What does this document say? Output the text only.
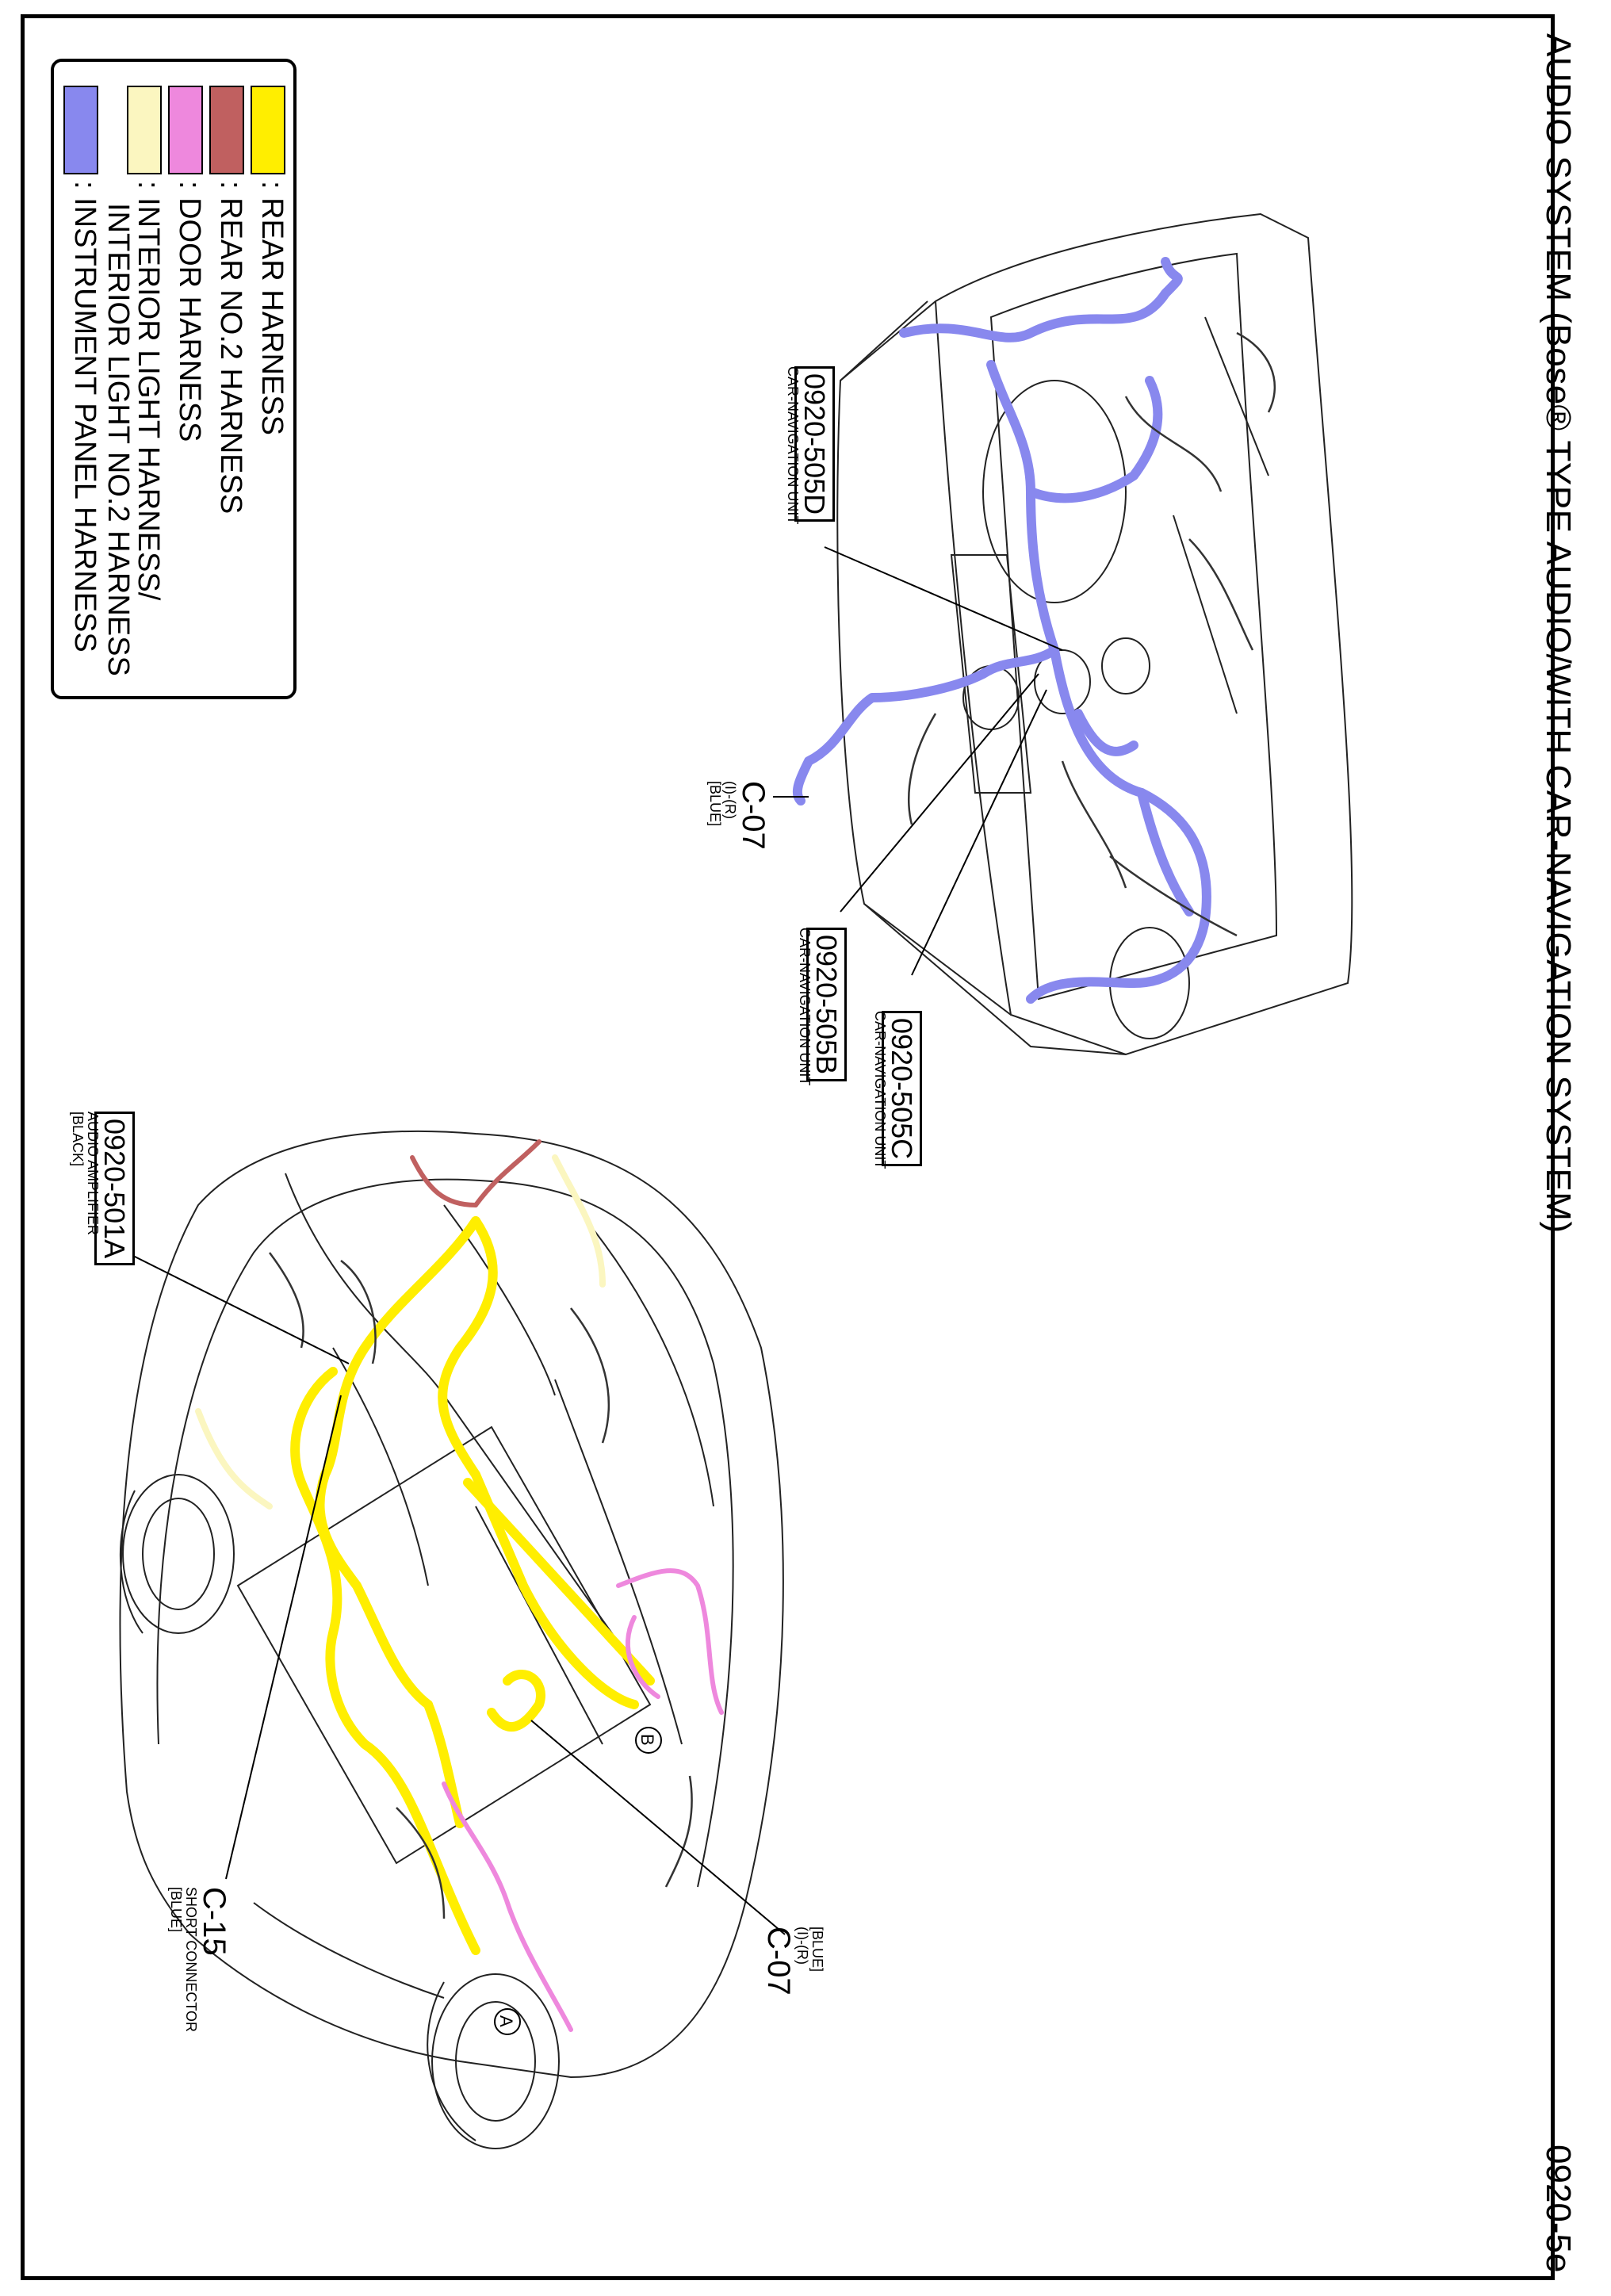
AUDIO SYSTEM (Bose® TYPE AUDIO/WITH CAR-NAVIGATION SYSTEM)
0920-5e
: REAR HARNESS
: REAR NO.2 HARNESS
: DOOR HARNESS
: INTERIOR LIGHT HARNESS/
INTERIOR LIGHT NO.2 HARNESS
: INSTRUMENT PANEL HARNESS	0920-505D
CAR-NAVIGATION UNIT
0920-505B
CAR-NAVIGATION UNIT
0920-505C
CAR-NAVIGATION UNIT
C-07
(I)-(R)
[BLUE]
0920-501A
AUDIO AMPLIFIER
[BLACK]
C-15
SHORT CONNECTOR
[BLUE]
[BLUE]
(I)-(R)
C-07
A
B
